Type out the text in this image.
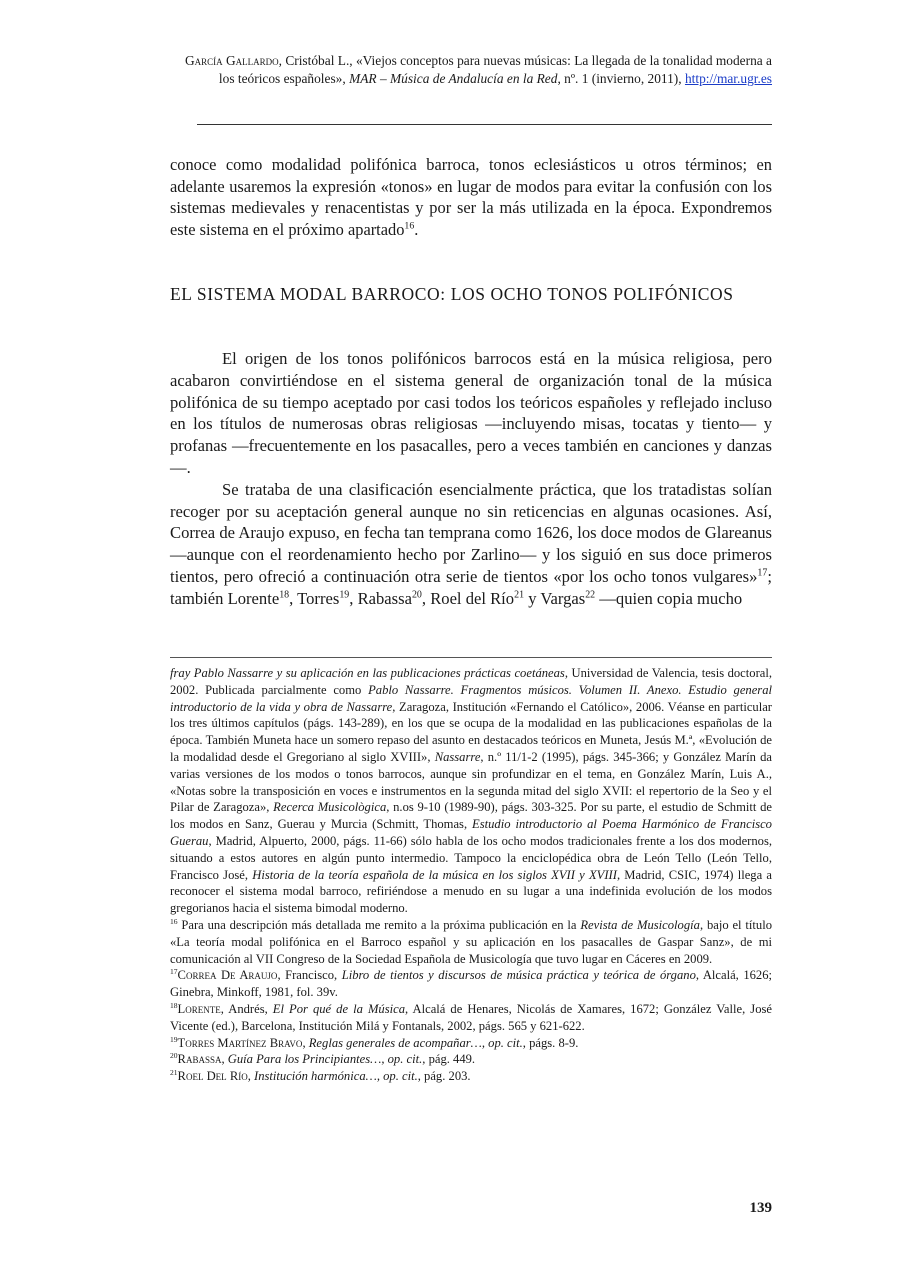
García Gallardo, Cristóbal L., «Viejos conceptos para nuevas músicas: La llegada de la tonalidad moderna a los teóricos españoles», MAR – Música de Andalucía en la Red, nº. 1 (invierno, 2011), http://mar.ugr.es
conoce como modalidad polifónica barroca, tonos eclesiásticos u otros términos; en adelante usaremos la expresión «tonos» en lugar de modos para evitar la confusión con los sistemas medievales y renacentistas y por ser la más utilizada en la época. Expondremos este sistema en el próximo apartado$^{16}$.
EL SISTEMA MODAL BARROCO: LOS OCHO TONOS POLIFÓNICOS

El origen de los tonos polifónicos barrocos está en la música religiosa, pero acabaron convirtiéndose en el sistema general de organización tonal de la música polifónica de su tiempo aceptado por casi todos los teóricos españoles y reflejado incluso en los títulos de numerosas obras religiosas —incluyendo misas, tocatas y tiento— y profanas —frecuentemente en los pasacalles, pero a veces también en canciones y danzas—.

Se trataba de una clasificación esencialmente práctica, que los tratadistas solían recoger por su aceptación general aunque no sin reticencias en algunas ocasiones. Así, Correa de Araujo expuso, en fecha tan temprana como 1626, los doce modos de Glareanus —aunque con el reordenamiento hecho por Zarlino— y los siguió en sus doce primeros tientos, pero ofreció a continuación otra serie de tientos «por los ocho tonos vulgares»$^{17}$; también Lorente$^{18}$, Torres$^{19}$, Rabassa$^{20}$, Roel del Río$^{21}$ y Vargas$^{22}$ —quien copia mucho

fray Pablo Nassarre y su aplicación en las publicaciones prácticas coetáneas, Universidad de Valencia, tesis doctoral, 2002. Publicada parcialmente como Pablo Nassarre. Fragmentos músicos. Volumen II. Anexo. Estudio general introductorio de la vida y obra de Nassarre, Zaragoza, Institución «Fernando el Católico», 2006. Véanse en particular los tres últimos capítulos (págs. 143-289), en los que se ocupa de la modalidad en las publicaciones españolas de la época. También Muneta hace un somero repaso del asunto en destacados teóricos en Muneta, Jesús M.ª, «Evolución de la modalidad desde el Gregoriano al siglo XVIII», Nassarre, n.º 11/1-2 (1995), págs. 345-366; y González Marín da varias versiones de los modos o tonos barrocos, aunque sin profundizar en el tema, en González Marín, Luis A., «Notas sobre la transposición en voces e instrumentos en la segunda mitad del siglo XVII: el repertorio de la Seo y el Pilar de Zaragoza», Recerca Musicològica, n.os 9-10 (1989-90), págs. 303-325. Por su parte, el estudio de Schmitt de los modos en Sanz, Guerau y Murcia (Schmitt, Thomas, Estudio introductorio al Poema Harmónico de Francisco Guerau, Madrid, Alpuerto, 2000, págs. 11-66) sólo habla de los ocho modos tradicionales frente a los dos modernos, situando a estos autores en algún punto intermedio. Tampoco la enciclopédica obra de León Tello (León Tello, Francisco José, Historia de la teoría española de la música en los siglos XVII y XVIII, Madrid, CSIC, 1974) llega a reconocer el sistema modal barroco, refiriéndose a menudo en su lugar a una indefinida evolución de los modos gregorianos hacia el sistema bimodal moderno.

$^{16}$ Para una descripción más detallada me remito a la próxima publicación en la Revista de Musicología, bajo el título «La teoría modal polifónica en el Barroco español y su aplicación en los pasacalles de Gaspar Sanz», de mi comunicación al VII Congreso de la Sociedad Española de Musicología que tuvo lugar en Cáceres en 2009.

$^{17}$Correa De Araujo, Francisco, Libro de tientos y discursos de música práctica y teórica de órgano, Alcalá, 1626; Ginebra, Minkoff, 1981, fol. 39v.

$^{18}$Lorente, Andrés, El Por qué de la Música, Alcalá de Henares, Nicolás de Xamares, 1672; González Valle, José Vicente (ed.), Barcelona, Institución Milá y Fontanals, 2002, págs. 565 y 621-622.

$^{19}$Torres Martínez Bravo, Reglas generales de acompañar…, op. cit., págs. 8-9.

$^{20}$Rabassa, Guía Para los Principiantes…, op. cit., pág. 449.

$^{21}$Roel Del Río, Institución harmónica…, op. cit., pág. 203.

139
